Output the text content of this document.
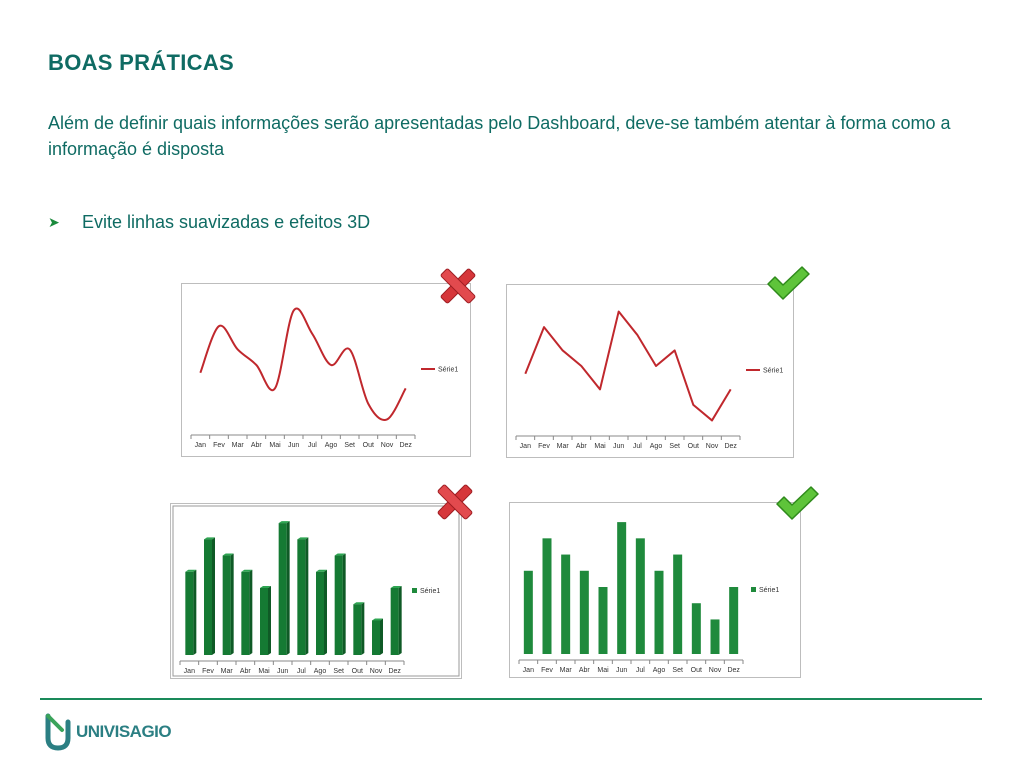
BOAS PRÁTICAS
Além de definir quais informações serão apresentadas pelo Dashboard, deve-se também atentar à forma como a informação é disposta
➤	Evite linhas suavizadas e efeitos 3D
Jan Fev Mar Abr Mai Jun Jul Ago Set Out Nov Dez
Série1
Jan Fev Mar Abr Mai Jun Jul Ago Set Out Nov Dez
Série1
Jan Fev Mar Abr Mai Jun Jul Ago Set Out Nov Dez
Série1
Jan Fev Mar Abr Mai Jun Jul Ago Set Out Nov Dez
Série1
UNIVISAGIO
